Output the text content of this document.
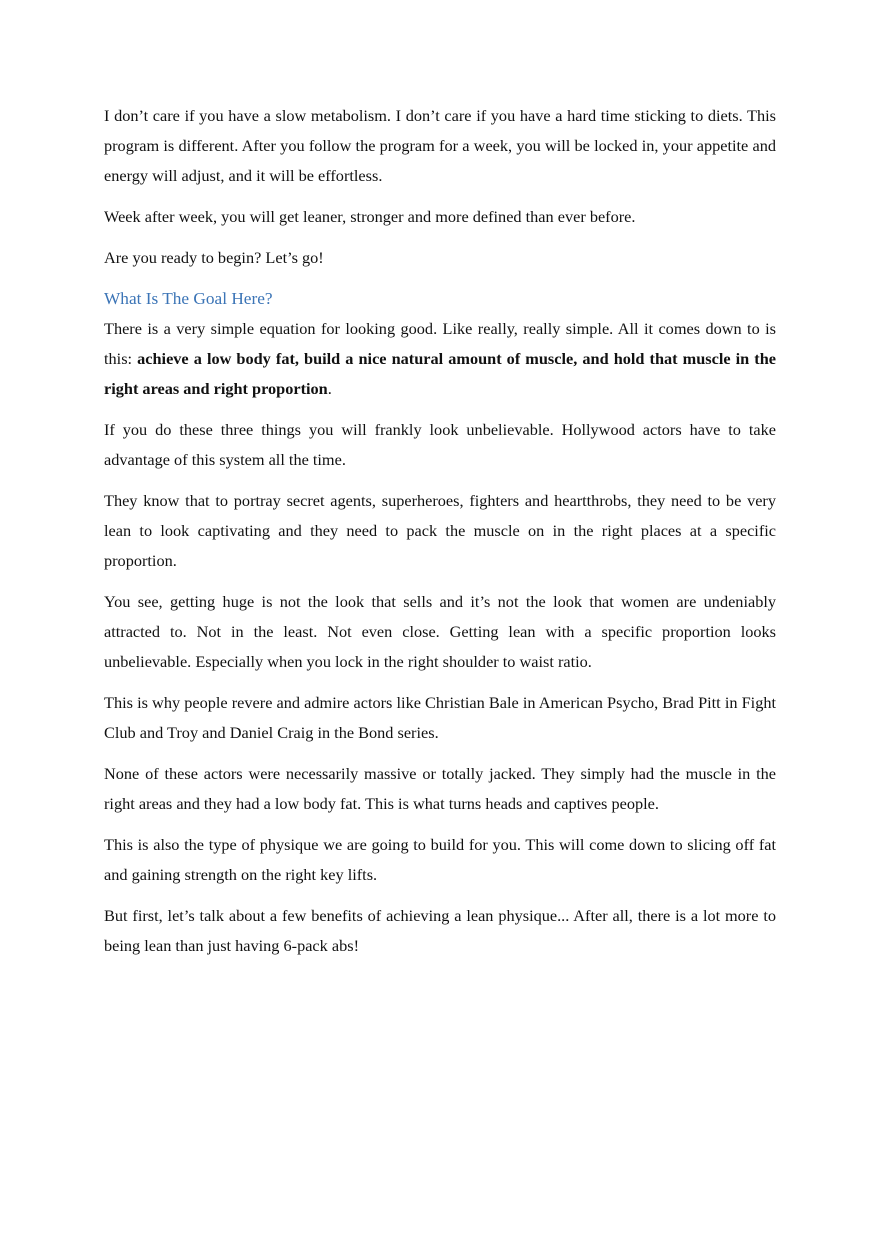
I don’t care if you have a slow metabolism. I don’t care if you have a hard time sticking to diets. This program is different. After you follow the program for a week, you will be locked in, your appetite and energy will adjust, and it will be effortless.

Week after week, you will get leaner, stronger and more defined than ever before.

Are you ready to begin? Let’s go!

What Is The Goal Here?

There is a very simple equation for looking good. Like really, really simple. All it comes down to is this: achieve a low body fat, build a nice natural amount of muscle, and hold that muscle in the right areas and right proportion.

If you do these three things you will frankly look unbelievable. Hollywood actors have to take advantage of this system all the time.

They know that to portray secret agents, superheroes, fighters and heartthrobs, they need to be very lean to look captivating and they need to pack the muscle on in the right places at a specific proportion.

You see, getting huge is not the look that sells and it’s not the look that women are undeniably attracted to. Not in the least. Not even close. Getting lean with a specific proportion looks unbelievable. Especially when you lock in the right shoulder to waist ratio.

This is why people revere and admire actors like Christian Bale in American Psycho, Brad Pitt in Fight Club and Troy and Daniel Craig in the Bond series.

None of these actors were necessarily massive or totally jacked. They simply had the muscle in the right areas and they had a low body fat. This is what turns heads and captives people.

This is also the type of physique we are going to build for you. This will come down to slicing off fat and gaining strength on the right key lifts.

But first, let’s talk about a few benefits of achieving a lean physique... After all, there is a lot more to being lean than just having 6-pack abs!
